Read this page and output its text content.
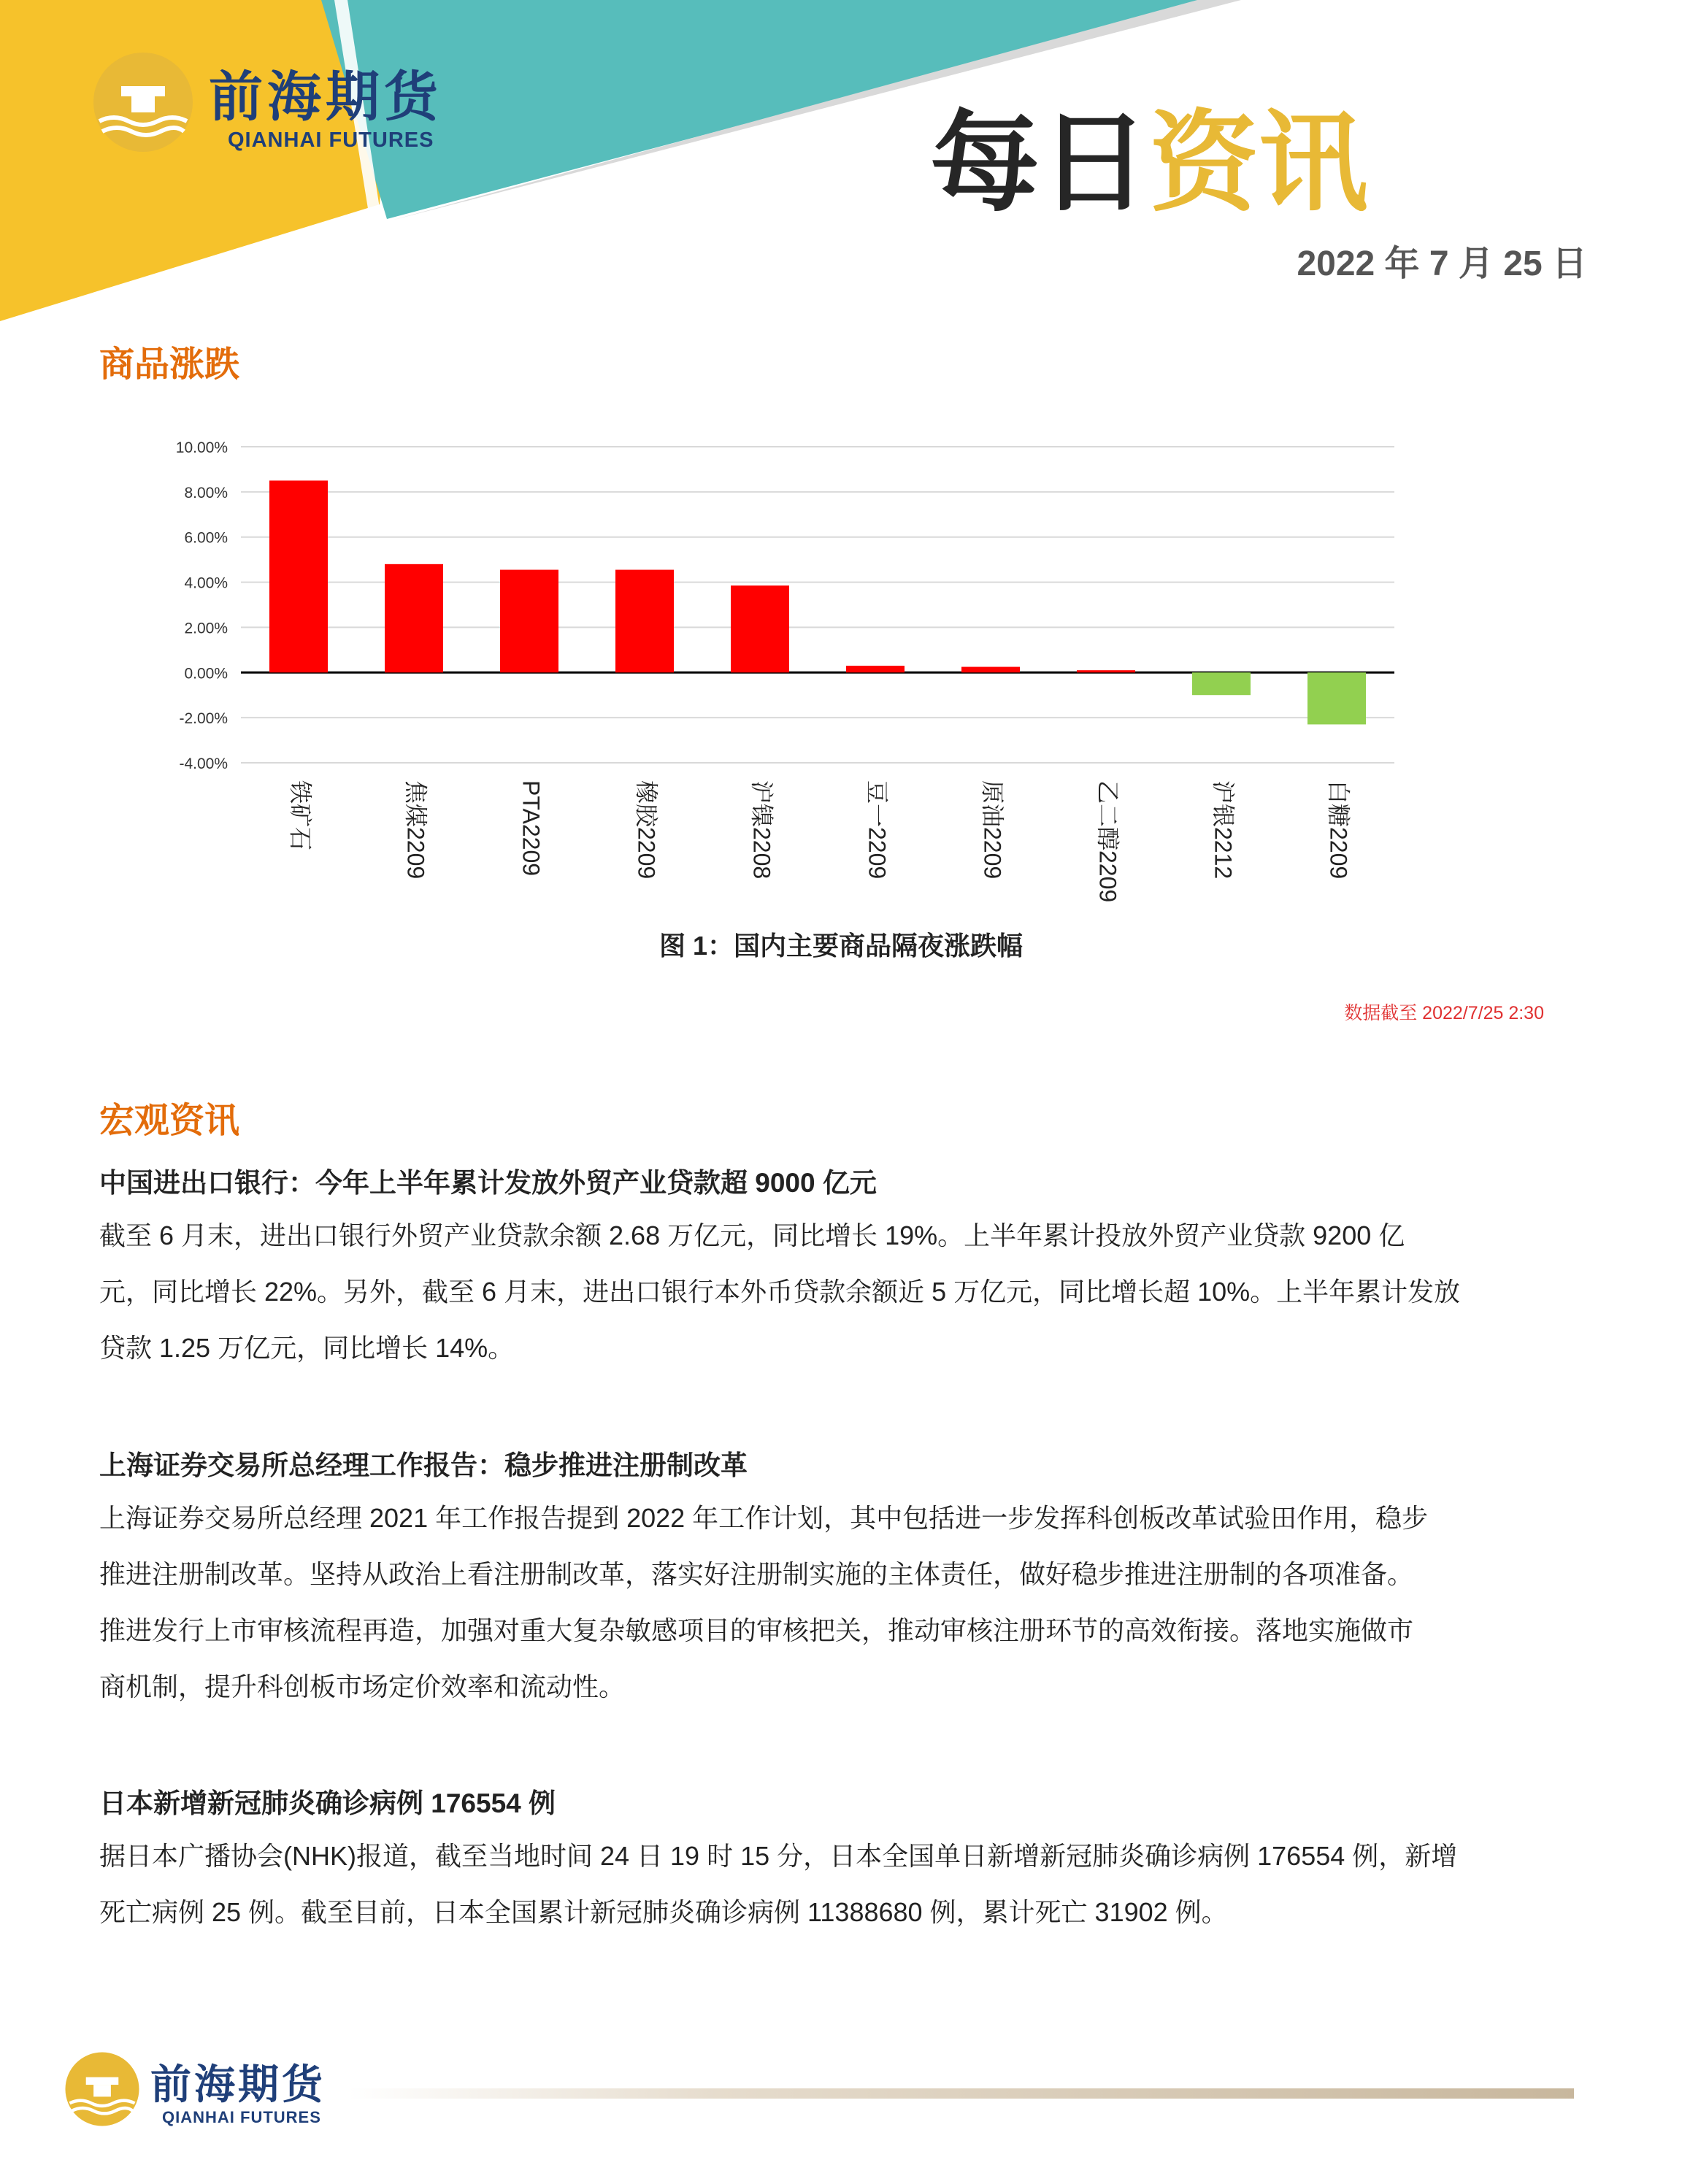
前海期货
QIANHAI FUTURES	每日资讯
2022 年 7 月 25 日
商品涨跌
10.00%
8.00%
6.00%
4.00%
2.00%
0.00%
-2.00%
-4.00%
铁矿石	焦煤2209	PTA2209	橡胶2209	沪镍2208	豆一2209	原油2209	乙二醇2209	沪银2212	白糖2209
图 1：国内主要商品隔夜涨跌幅
数据截至 2022/7/25 2:30
宏观资讯
中国进出口银行：今年上半年累计发放外贸产业贷款超 9000 亿元
截至 6 月末，进出口银行外贸产业贷款余额 2.68 万亿元，同比增长 19%。上半年累计投放外贸产业贷款 9200 亿
元，同比增长 22%。另外，截至 6 月末，进出口银行本外币贷款余额近 5 万亿元，同比增长超 10%。上半年累计发放
贷款 1.25 万亿元，同比增长 14%。
上海证券交易所总经理工作报告：稳步推进注册制改革
上海证券交易所总经理 2021 年工作报告提到 2022 年工作计划，其中包括进一步发挥科创板改革试验田作用，稳步
推进注册制改革。坚持从政治上看注册制改革，落实好注册制实施的主体责任，做好稳步推进注册制的各项准备。
推进发行上市审核流程再造，加强对重大复杂敏感项目的审核把关，推动审核注册环节的高效衔接。落地实施做市
商机制，提升科创板市场定价效率和流动性。
日本新增新冠肺炎确诊病例 176554 例
据日本广播协会(NHK)报道，截至当地时间 24 日 19 时 15 分，日本全国单日新增新冠肺炎确诊病例 176554 例，新增
死亡病例 25 例。截至目前，日本全国累计新冠肺炎确诊病例 11388680 例，累计死亡 31902 例。
前海期货
QIANHAI FUTURES
